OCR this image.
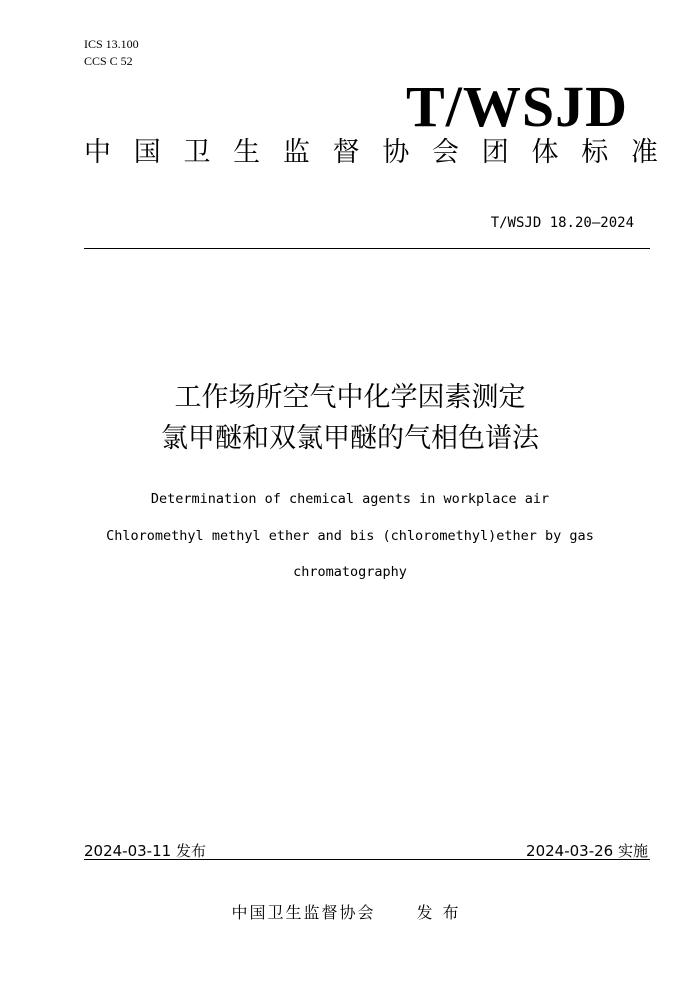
ICS 13.100
CCS C 52
T/WSJD
中 国 卫 生 监 督 协 会 团 体 标 准
T/WSJD 18.20—2024
工作场所空气中化学因素测定
氯甲醚和双氯甲醚的气相色谱法
Determination of chemical agents in workplace air
Chloromethyl methyl ether and bis (chloromethyl)ether by gas
chromatography
2024-03-11 发布	2024-03-26 实施
中国卫生监督协会	发布
